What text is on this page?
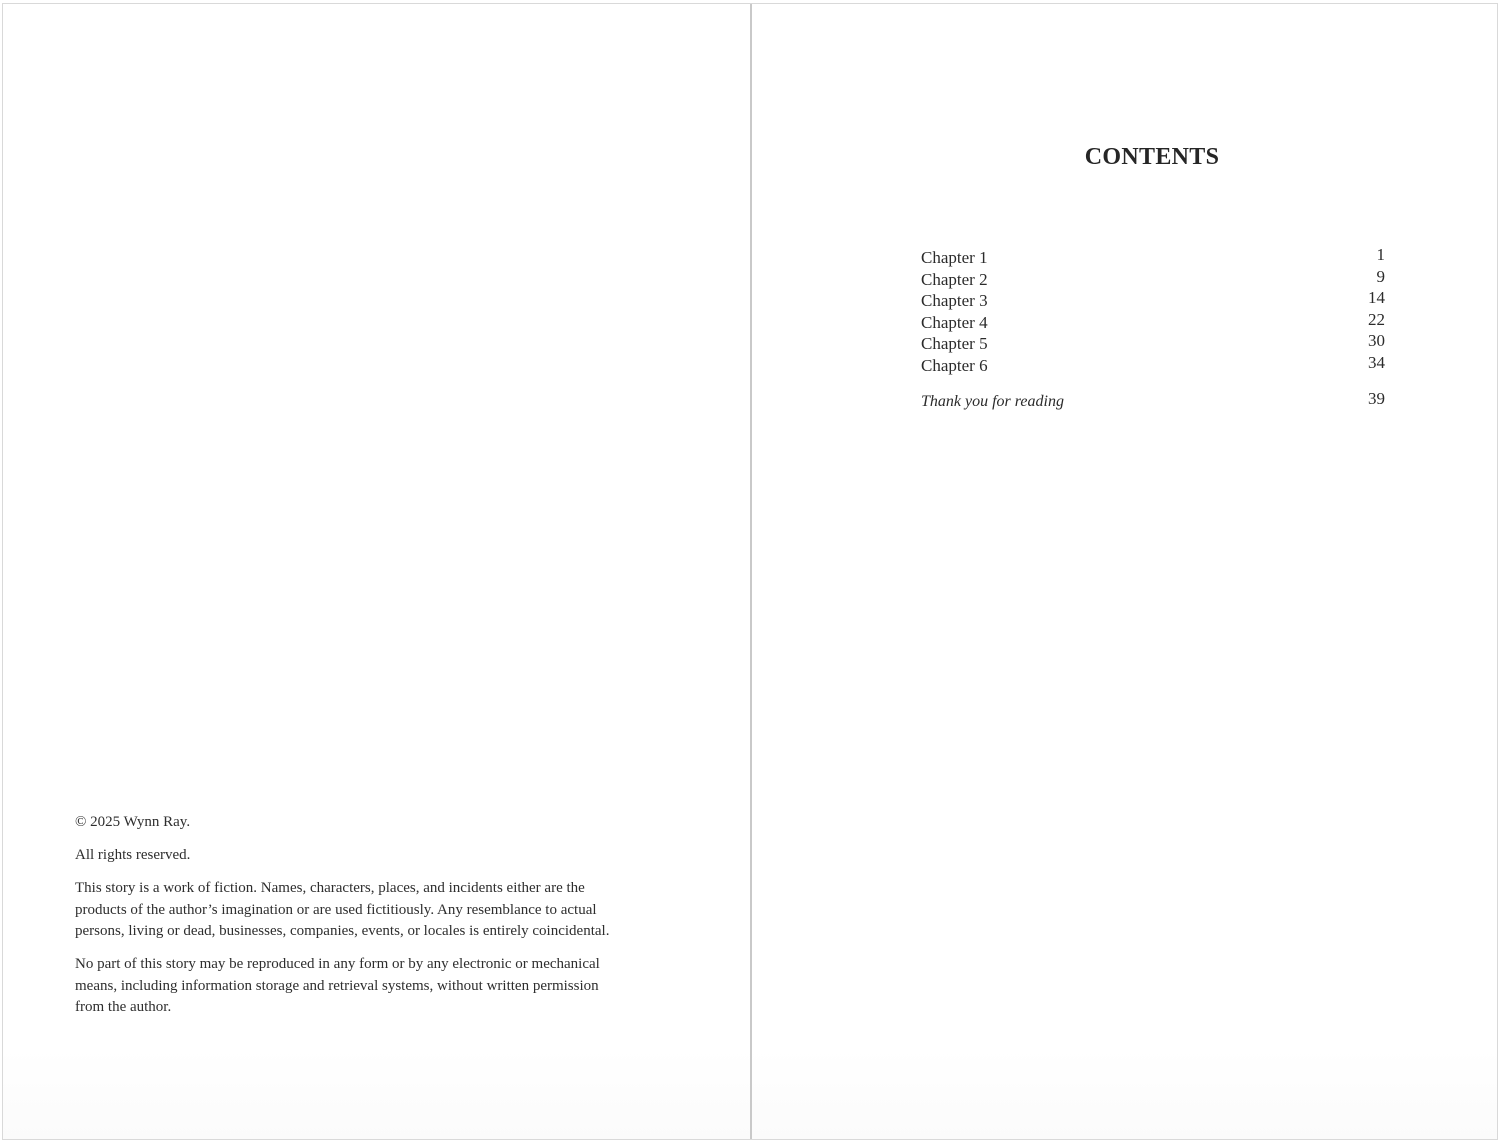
© 2025 Wynn Ray.

All rights reserved.

This story is a work of fiction. Names, characters, places, and incidents either are the products of the author’s imagination or are used fictitiously. Any resemblance to actual persons, living or dead, businesses, companies, events, or locales is entirely coincidental.

No part of this story may be reproduced in any form or by any electronic or mechanical means, including information storage and retrieval systems, without written permission from the author.

CONTENTS
Chapter 1	1
Chapter 2	9
Chapter 3	14
Chapter 4	22
Chapter 5	30
Chapter 6	34
Thank you for reading	39
